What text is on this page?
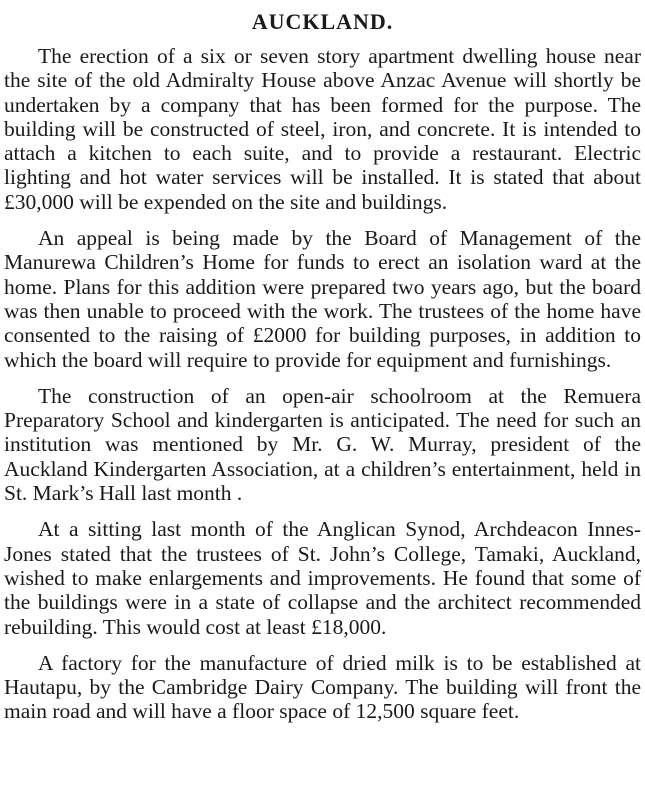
AUCKLAND.

The erection of a six or seven story apartment dwelling house near the site of the old Admiralty House above Anzac Avenue will shortly be undertaken by a company that has been formed for the purpose. The building will be constructed of steel, iron, and concrete. It is intended to attach a kitchen to each suite, and to provide a restaurant. Electric lighting and hot water services will be installed. It is stated that about £30,000 will be expended on the site and buildings.

An appeal is being made by the Board of Management of the Manurewa Children’s Home for funds to erect an isolation ward at the home. Plans for this addition were prepared two years ago, but the board was then unable to proceed with the work. The trustees of the home have consented to the raising of £2000 for building purposes, in addition to which the board will require to provide for equipment and furnishings.

The construction of an open-air schoolroom at the Remuera Preparatory School and kindergarten is anticipated. The need for such an institution was mentioned by Mr. G. W. Murray, president of the Auckland Kindergarten Association, at a children’s entertainment, held in St. Mark’s Hall last month .

At a sitting last month of the Anglican Synod, Archdeacon Innes-Jones stated that the trustees of St. John’s College, Tamaki, Auckland, wished to make enlargements and improvements. He found that some of the buildings were in a state of collapse and the architect recommended rebuilding. This would cost at least £18,000.

A factory for the manufacture of dried milk is to be established at Hautapu, by the Cambridge Dairy Company. The building will front the main road and will have a floor space of 12,500 square feet.
